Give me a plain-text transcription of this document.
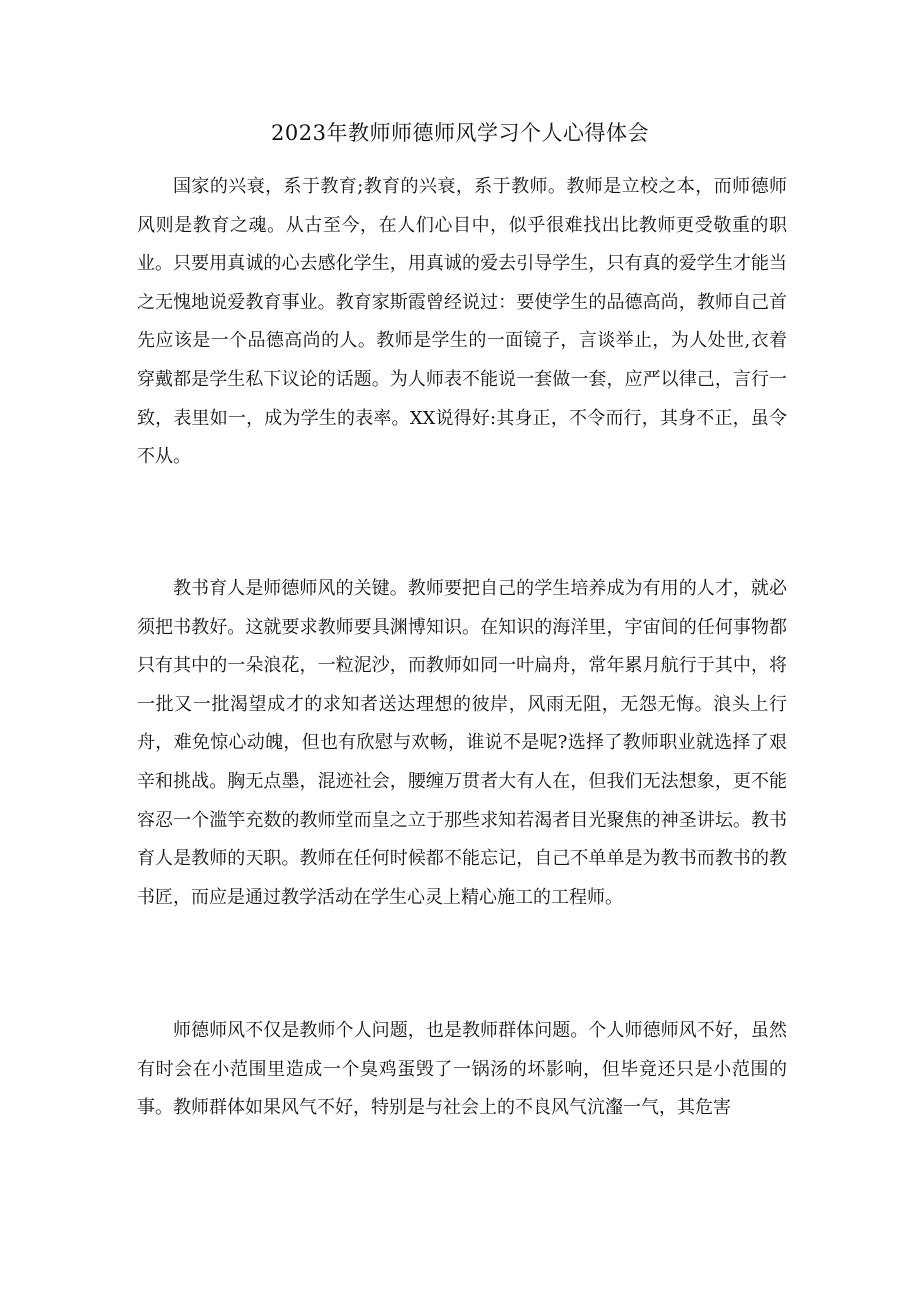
2023年教师师德师风学习个人心得体会

国家的兴衰，系于教育;教育的兴衰，系于教师。教师是立校之本，而师德师风则是教育之魂。从古至今，在人们心目中，似乎很难找出比教师更受敬重的职业。只要用真诚的心去感化学生，用真诚的爱去引导学生，只有真的爱学生才能当之无愧地说爱教育事业。教育家斯霞曾经说过：要使学生的品德高尚，教师自己首先应该是一个品德高尚的人。教师是学生的一面镜子，言谈举止，为人处世,衣着穿戴都是学生私下议论的话题。为人师表不能说一套做一套，应严以律己，言行一致，表里如一，成为学生的表率。XX说得好:其身正，不令而行，其身不正，虽令不从。

教书育人是师德师风的关键。教师要把自己的学生培养成为有用的人才，就必须把书教好。这就要求教师要具渊博知识。在知识的海洋里，宇宙间的任何事物都只有其中的一朵浪花，一粒泥沙，而教师如同一叶扁舟，常年累月航行于其中，将一批又一批渴望成才的求知者送达理想的彼岸，风雨无阻，无怨无悔。浪头上行舟，难免惊心动魄，但也有欣慰与欢畅，谁说不是呢?选择了教师职业就选择了艰辛和挑战。胸无点墨，混迹社会，腰缠万贯者大有人在，但我们无法想象，更不能容忍一个滥竽充数的教师堂而皇之立于那些求知若渴者目光聚焦的神圣讲坛。教书育人是教师的天职。教师在任何时候都不能忘记，自己不单单是为教书而教书的教书匠，而应是通过教学活动在学生心灵上精心施工的工程师。

师德师风不仅是教师个人问题，也是教师群体问题。个人师德师风不好，虽然有时会在小范围里造成一个臭鸡蛋毁了一锅汤的坏影响，但毕竟还只是小范围的事。教师群体如果风气不好，特别是与社会上的不良风气沆瀣一气，其危害
